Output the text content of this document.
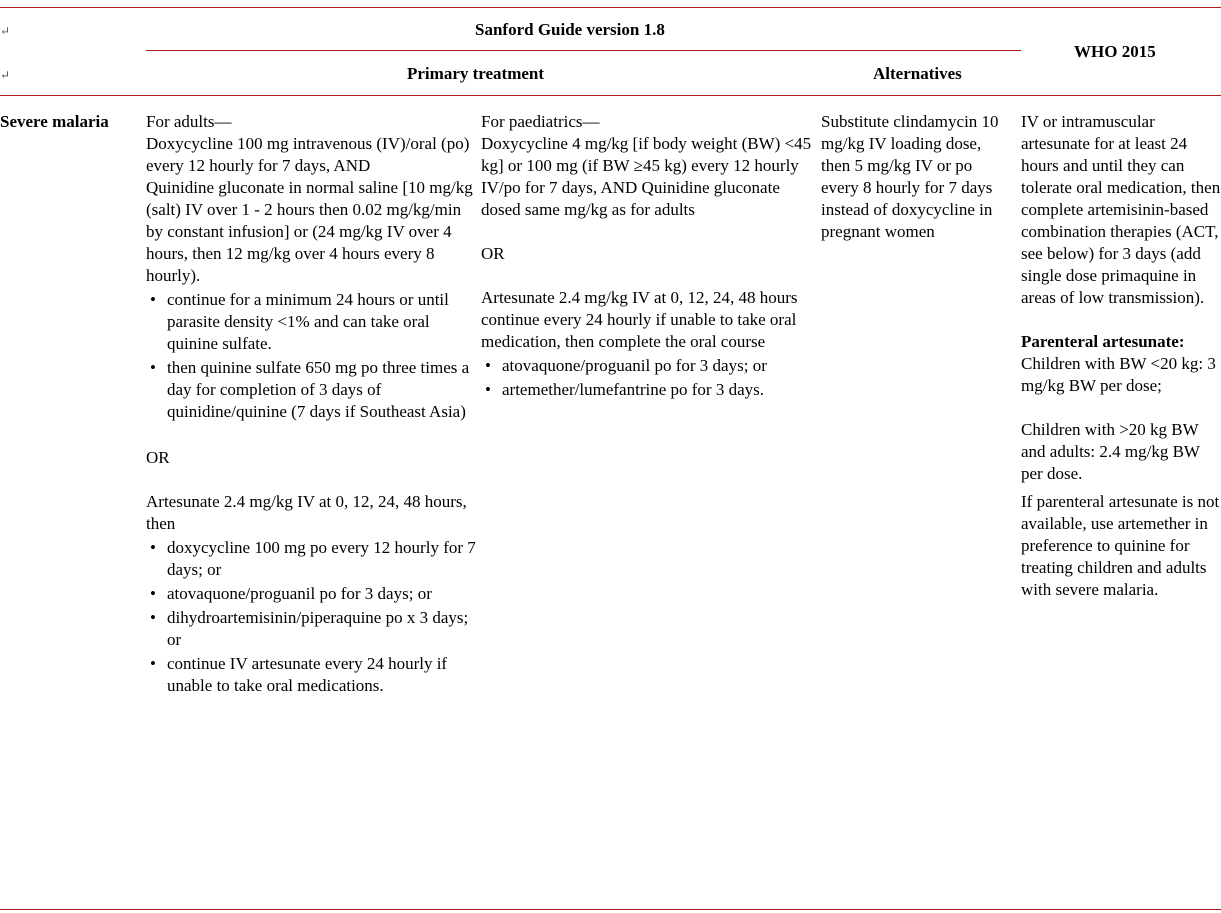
↵
↵
Sanford Guide version 1.8
WHO 2015
Primary treatment	Alternatives
Severe malaria	For adults—

Doxycycline 100 mg intravenous (IV)/oral (po) every 12 hourly for 7 days, AND

Quinidine gluconate in normal saline [10 mg/kg (salt) IV over 1 - 2 hours then 0.02 mg/kg/min by constant infusion] or (24 mg/kg IV over 4 hours, then 12 mg/kg over 4 hours every 8 hourly).

• continue for a minimum 24 hours or until parasite density <1% and can take oral quinine sulfate.
• then quinine sulfate 650 mg po three times a day for completion of 3 days of quinidine/quinine (7 days if Southeast Asia)

OR

Artesunate 2.4 mg/kg IV at 0, 12, 24, 48 hours, then

• doxycycline 100 mg po every 12 hourly for 7 days; or
• atovaquone/proguanil po for 3 days; or
• dihydroartemisinin/piperaquine po x 3 days; or
• continue IV artesunate every 24 hourly if unable to take oral medications.

For paediatrics—

Doxycycline 4 mg/kg [if body weight (BW) <45 kg] or 100 mg (if BW ≥45 kg) every 12 hourly IV/po for 7 days, AND Quinidine gluconate dosed same mg/kg as for adults

OR

Artesunate 2.4 mg/kg IV at 0, 12, 24, 48 hours continue every 24 hourly if unable to take oral medication, then complete the oral course

• atovaquone/proguanil po for 3 days; or
• artemether/lumefantrine po for 3 days.

Substitute clindamycin 10 mg/kg IV loading dose, then 5 mg/kg IV or po every 8 hourly for 7 days instead of doxycycline in pregnant women

IV or intramuscular artesunate for at least 24 hours and until they can tolerate oral medication, then complete artemisinin-based combination therapies (ACT, see below) for 3 days (add single dose primaquine in areas of low transmission).

Parenteral artesunate:

Children with BW <20 kg: 3 mg/kg BW per dose;

Children with >20 kg BW and adults: 2.4 mg/kg BW per dose.

If parenteral artesunate is not available, use artemether in preference to quinine for treating children and adults with severe malaria.
